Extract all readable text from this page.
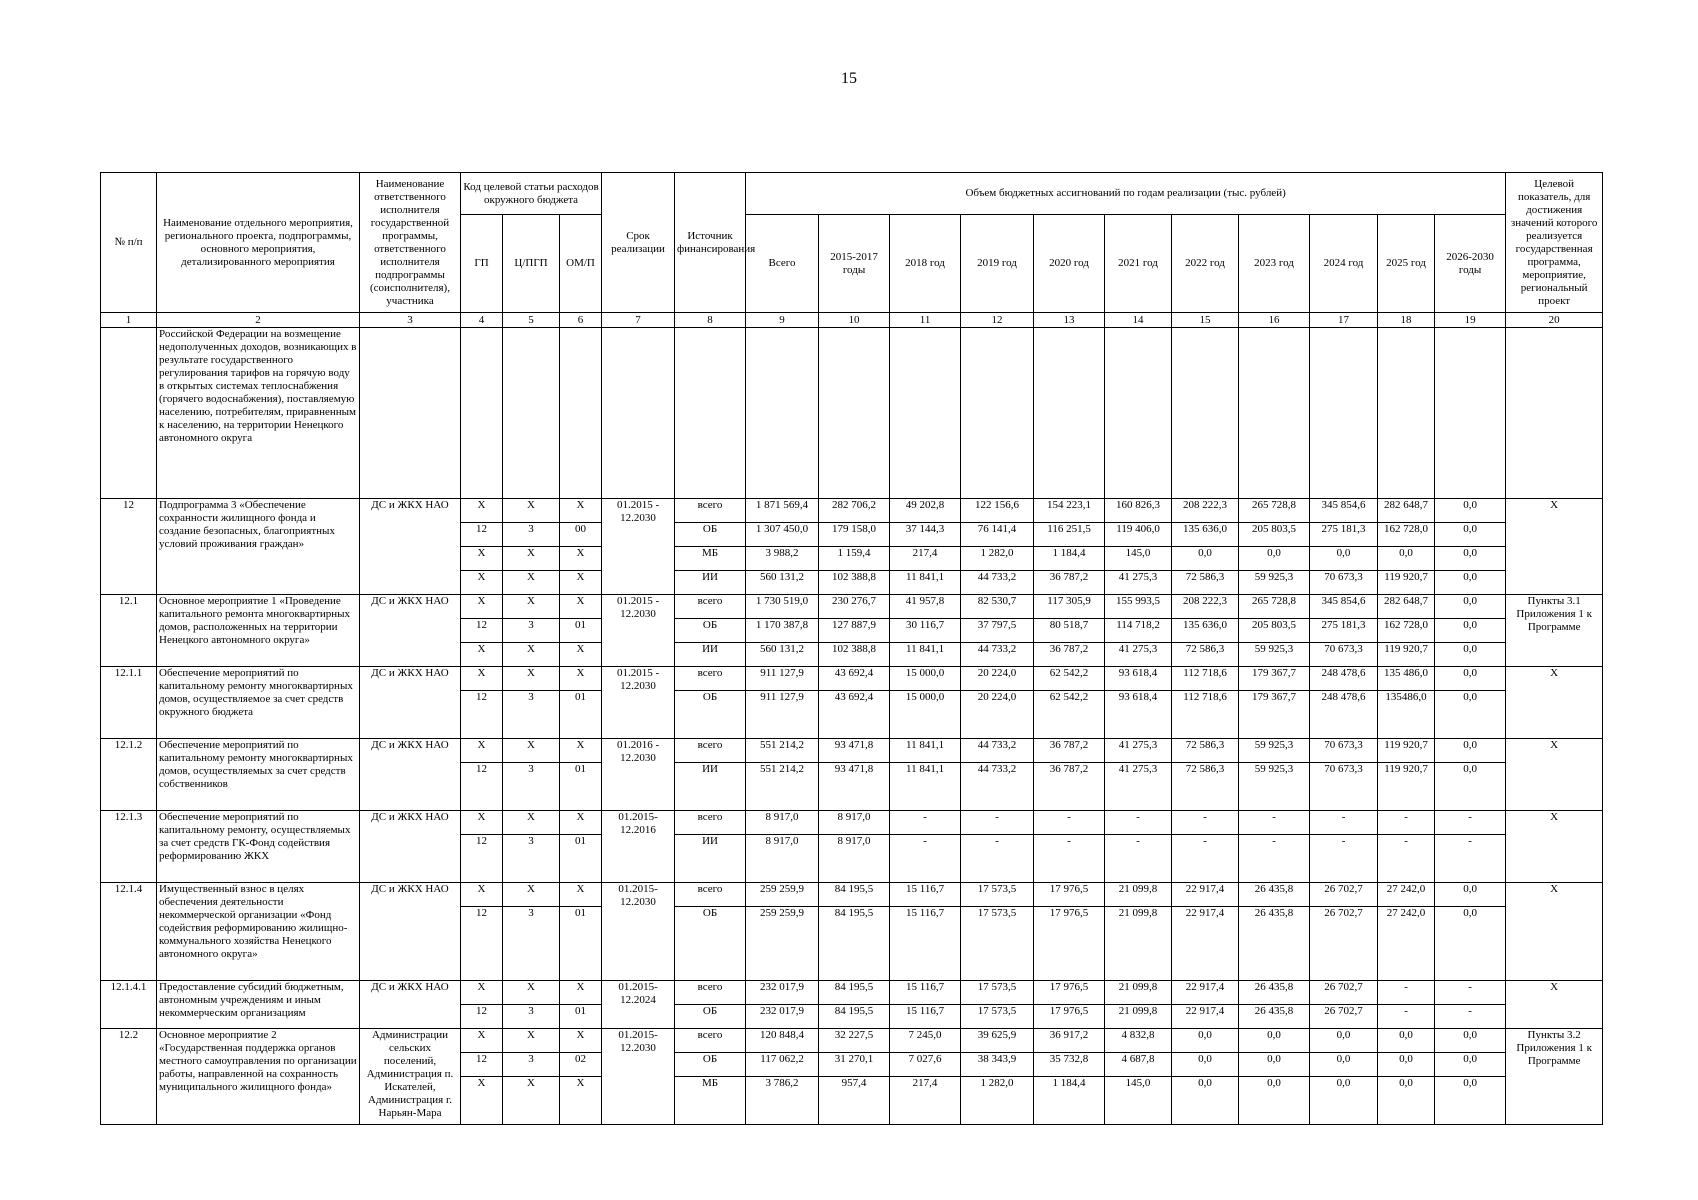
15
№ п/п	Наименование отдельного мероприятия, регионального проекта, подпрограммы, основного мероприятия, детализированного мероприятия	Наименование ответственного исполнителя государственной программы, ответственного исполнителя подпрограммы (соисполнителя), участника	Код целевой статьи расходов окружного бюджета			Срок реализации	Источник финансирования	Объем бюджетных ассигнований по годам реализации (тыс. рублей)											Целевой показатель, для достижения значений которого реализуется государственная программа, мероприятие, региональный проект
			ГП	Ц/ПГП	ОМ/П			Всего	2015-2017 годы	2018 год	2019 год	2020 год	2021 год	2022 год	2023 год	2024 год	2025 год	2026-2030 годы	
1	2	3	4	5	6	7	8	9	10	11	12	13	14	15	16	17	18	19	20
	Российской Федерации на возмещение недополученных доходов, возникающих в результате государственного регулирования тарифов на горячую воду в открытых системах теплоснабжения (горячего водоснабжения), поставляемую населению, потребителям, приравненным к населению, на территории Ненецкого автономного округа																		
12	Подпрограмма 3 «Обеспечение сохранности жилищного фонда и создание безопасных, благоприятных условий проживания граждан»	ДС и ЖКХ НАО	Х	Х	Х	01.2015 - 12.2030	всего	1 871 569,4	282 706,2	49 202,8	122 156,6	154 223,1	160 826,3	208 222,3	265 728,8	345 854,6	282 648,7	0,0	Х
			12	3	00		ОБ	1 307 450,0	179 158,0	37 144,3	76 141,4	116 251,5	119 406,0	135 636,0	205 803,5	275 181,3	162 728,0	0,0	
			Х	Х	Х		МБ	3 988,2	1 159,4	217,4	1 282,0	1 184,4	145,0	0,0	0,0	0,0	0,0	0,0	
			Х	Х	Х		ИИ	560 131,2	102 388,8	11 841,1	44 733,2	36 787,2	41 275,3	72 586,3	59 925,3	70 673,3	119 920,7	0,0	
12.1	Основное мероприятие 1 «Проведение капитального ремонта многоквартирных домов, расположенных на территории Ненецкого автономного округа»	ДС и ЖКХ НАО	Х	Х	Х	01.2015 - 12.2030	всего	1 730 519,0	230 276,7	41 957,8	82 530,7	117 305,9	155 993,5	208 222,3	265 728,8	345 854,6	282 648,7	0,0	Пункты 3.1 Приложения 1 к Программе
			12	3	01		ОБ	1 170 387,8	127 887,9	30 116,7	37 797,5	80 518,7	114 718,2	135 636,0	205 803,5	275 181,3	162 728,0	0,0	
			Х	Х	Х		ИИ	560 131,2	102 388,8	11 841,1	44 733,2	36 787,2	41 275,3	72 586,3	59 925,3	70 673,3	119 920,7	0,0	
12.1.1	Обеспечение мероприятий по капитальному ремонту многоквартирных домов, осуществляемое за счет средств окружного бюджета	ДС и ЖКХ НАО	Х	Х	Х	01.2015 - 12.2030	всего	911 127,9	43 692,4	15 000,0	20 224,0	62 542,2	93 618,4	112 718,6	179 367,7	248 478,6	135 486,0	0,0	Х
			12	3	01		ОБ	911 127,9	43 692,4	15 000,0	20 224,0	62 542,2	93 618,4	112 718,6	179 367,7	248 478,6	135486,0	0,0	
12.1.2	Обеспечение мероприятий по капитальному ремонту многоквартирных домов, осуществляемых за счет средств собственников	ДС и ЖКХ НАО	Х	Х	Х	01.2016 - 12.2030	всего	551 214,2	93 471,8	11 841,1	44 733,2	36 787,2	41 275,3	72 586,3	59 925,3	70 673,3	119 920,7	0,0	Х
			12	3	01		ИИ	551 214,2	93 471,8	11 841,1	44 733,2	36 787,2	41 275,3	72 586,3	59 925,3	70 673,3	119 920,7	0,0	
12.1.3	Обеспечение мероприятий по капитальному ремонту, осуществляемых за счет средств ГК-Фонд содействия реформированию ЖКХ	ДС и ЖКХ НАО	Х	Х	Х	01.2015- 12.2016	всего	8 917,0	8 917,0	-	-	-	-	-	-	-	-	-	Х
			12	3	01		ИИ	8 917,0	8 917,0	-	-	-	-	-	-	-	-	-	
12.1.4	Имущественный взнос в целях обеспечения деятельности некоммерческой организации «Фонд содействия реформированию жилищно-коммунального хозяйства Ненецкого автономного округа»	ДС и ЖКХ НАО	Х	Х	Х	01.2015- 12.2030	всего	259 259,9	84 195,5	15 116,7	17 573,5	17 976,5	21 099,8	22 917,4	26 435,8	26 702,7	27 242,0	0,0	Х
			12	3	01		ОБ	259 259,9	84 195,5	15 116,7	17 573,5	17 976,5	21 099,8	22 917,4	26 435,8	26 702,7	27 242,0	0,0	
12.1.4.1	Предоставление субсидий бюджетным, автономным учреждениям и иным некоммерческим организациям	ДС и ЖКХ НАО	Х	Х	Х	01.2015- 12.2024	всего	232 017,9	84 195,5	15 116,7	17 573,5	17 976,5	21 099,8	22 917,4	26 435,8	26 702,7	-	-	Х
			12	3	01		ОБ	232 017,9	84 195,5	15 116,7	17 573,5	17 976,5	21 099,8	22 917,4	26 435,8	26 702,7	-	-	
12.2	Основное мероприятие 2 «Государственная поддержка органов местного самоуправления по организации работы, направленной на сохранность муниципального жилищного фонда»	Администрации сельских поселений, Администрация п. Искателей, Администрация г. Нарьян-Мара	Х	Х	Х	01.2015- 12.2030	всего	120 848,4	32 227,5	7 245,0	39 625,9	36 917,2	4 832,8	0,0	0,0	0,0	0,0	0,0	Пункты 3.2 Приложения 1 к Программе
			12	3	02		ОБ	117 062,2	31 270,1	7 027,6	38 343,9	35 732,8	4 687,8	0,0	0,0	0,0	0,0	0,0	
			Х	Х	Х		МБ	3 786,2	957,4	217,4	1 282,0	1 184,4	145,0	0,0	0,0	0,0	0,0	0,0	
